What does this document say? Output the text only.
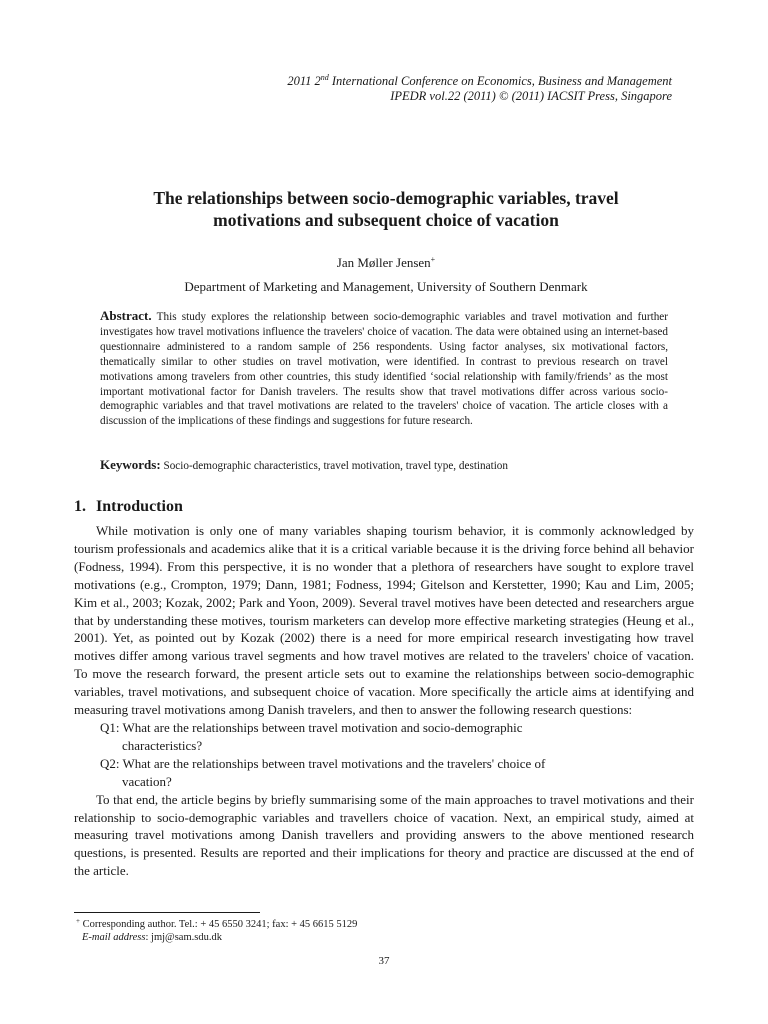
2011 2nd International Conference on Economics, Business and Management
IPEDR vol.22 (2011) © (2011) IACSIT Press, Singapore
The relationships between socio-demographic variables, travel
motivations and subsequent choice of vacation
Jan Møller Jensen+
Department of Marketing and Management, University of Southern Denmark
Abstract. This study explores the relationship between socio-demographic variables and travel motivation and further investigates how travel motivations influence the travelers' choice of vacation. The data were obtained using an internet-based questionnaire administered to a random sample of 256 respondents. Using factor analyses, six motivational factors, thematically similar to other studies on travel motivation, were identified. In contrast to previous research on travel motivations among travelers from other countries, this study identified ‘social relationship with family/friends’ as the most important motivational factor for Danish travelers. The results show that travel motivations differ across various socio-demographic variables and that travel motivations are related to the travelers' choice of vacation. The article closes with a discussion of the implications of these findings and suggestions for future research.
Keywords: Socio-demographic characteristics, travel motivation, travel type, destination
1. Introduction

While motivation is only one of many variables shaping tourism behavior, it is commonly acknowledged by tourism professionals and academics alike that it is a critical variable because it is the driving force behind all behavior (Fodness, 1994). From this perspective, it is no wonder that a plethora of researchers have sought to explore travel motivations (e.g., Crompton, 1979; Dann, 1981; Fodness, 1994; Gitelson and Kerstetter, 1990; Kau and Lim, 2005; Kim et al., 2003; Kozak, 2002; Park and Yoon, 2009). Several travel motives have been detected and researchers argue that by understanding these motives, tourism marketers can develop more effective marketing strategies (Heung et al., 2001). Yet, as pointed out by Kozak (2002) there is a need for more empirical research investigating how travel motives differ among various travel segments and how travel motives are related to the travelers' choice of vacation. To move the research forward, the present article sets out to examine the relationships between socio-demographic variables, travel motivations, and subsequent choice of vacation. More specifically the article aims at identifying and measuring travel motivations among Danish travelers, and then to answer the following research questions:

Q1: What are the relationships between travel motivation and socio-demographic
characteristics?

Q2: What are the relationships between travel motivations and the travelers' choice of
vacation?

To that end, the article begins by briefly summarising some of the main approaches to travel motivations and their relationship to socio-demographic variables and travellers choice of vacation. Next, an empirical study, aimed at measuring travel motivations among Danish travellers and providing answers to the above mentioned research questions, is presented. Results are reported and their implications for theory and practice are discussed at the end of the article.

+ Corresponding author. Tel.: + 45 6550 3241; fax: + 45 6615 5129
E-mail address: jmj@sam.sdu.dk
37
